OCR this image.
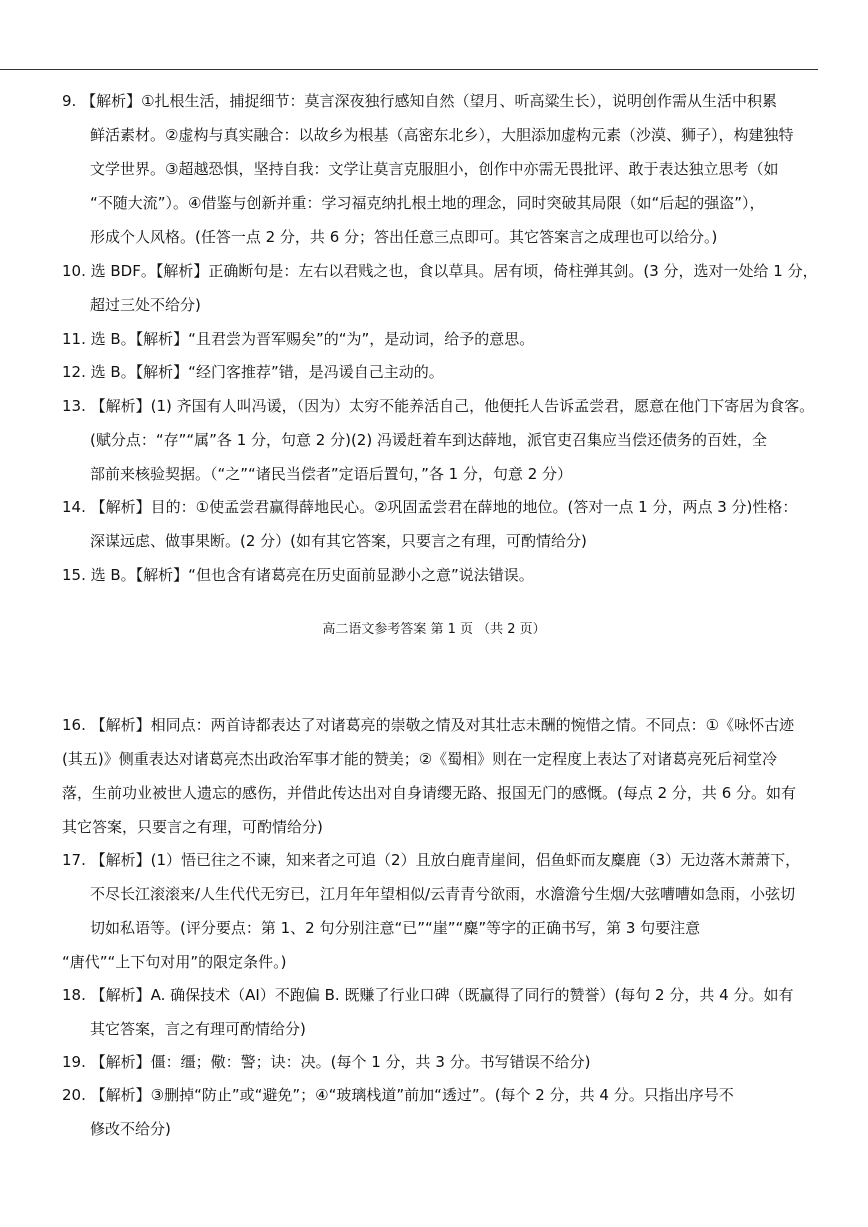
9. 【解析】①扎根生活，捕捉细节：莫言深夜独行感知自然（望月、听高粱生长），说明创作需从生活中积累
鲜活素材。②虚构与真实融合：以故乡为根基（高密东北乡），大胆添加虚构元素（沙漠、狮子），构建独特
文学世界。③超越恐惧，坚持自我：文学让莫言克服胆小，创作中亦需无畏批评、敢于表达独立思考（如
“不随大流”）。④借鉴与创新并重：学习福克纳扎根土地的理念，同时突破其局限（如“后起的强盗”），
形成个人风格。(任答一点 2 分，共 6 分；答出任意三点即可。其它答案言之成理也可以给分。)
10. 选 BDF。【解析】正确断句是：左右以君贱之也，食以草具。居有顷，倚柱弹其剑。(3 分，选对一处给 1 分，
超过三处不给分)
11. 选 B。【解析】“且君尝为晋军赐矣”的“为”，是动词，给予的意思。
12. 选 B。【解析】“经门客推荐”错，是冯谖自己主动的。
13. 【解析】(1) 齐国有人叫冯谖，（因为）太穷不能养活自己，他便托人告诉孟尝君，愿意在他门下寄居为食客。
(赋分点：“存”“属”各 1 分，句意 2 分)(2) 冯谖赶着车到达薛地，派官吏召集应当偿还债务的百姓，全
部前来核验契据。（“之”“诸民当偿者”定语后置句，”各 1 分，句意 2 分）
14. 【解析】目的：①使孟尝君赢得薛地民心。②巩固孟尝君在薛地的地位。(答对一点 1 分，两点 3 分)性格：
深谋远虑、做事果断。(2 分）(如有其它答案，只要言之有理，可酌情给分)
15. 选 B。【解析】“但也含有诸葛亮在历史面前显渺小之意”说法错误。
高二语文参考答案 第 1 页 （共 2 页）
16. 【解析】相同点：两首诗都表达了对诸葛亮的崇敬之情及对其壮志未酬的惋惜之情。不同点：①《咏怀古迹
(其五)》侧重表达对诸葛亮杰出政治军事才能的赞美；②《蜀相》则在一定程度上表达了对诸葛亮死后祠堂冷
落，生前功业被世人遗忘的感伤，并借此传达出对自身请缨无路、报国无门的感慨。(每点 2 分，共 6 分。如有
其它答案，只要言之有理，可酌情给分)
17. 【解析】(1）悟已往之不谏，知来者之可追（2）且放白鹿青崖间，侣鱼虾而友麋鹿（3）无边落木萧萧下，
不尽长江滚滚来/人生代代无穷已，江月年年望相似/云青青兮欲雨，水澹澹兮生烟/大弦嘈嘈如急雨，小弦切
切如私语等。(评分要点：第 1、2 句分别注意“已”“崖”“麋”等字的正确书写，第 3 句要注意
“唐代”“上下句对用”的限定条件。)
18. 【解析】A. 确保技术（AI）不跑偏 B. 既赚了行业口碑（既赢得了同行的赞誉）(每句 2 分，共 4 分。如有
其它答案，言之有理可酌情给分)
19. 【解析】僵：缰；儆：警；诀：决。(每个 1 分，共 3 分。书写错误不给分)
20. 【解析】③删掉“防止”或“避免”；④“玻璃栈道”前加“透过”。(每个 2 分，共 4 分。只指出序号不
修改不给分)
